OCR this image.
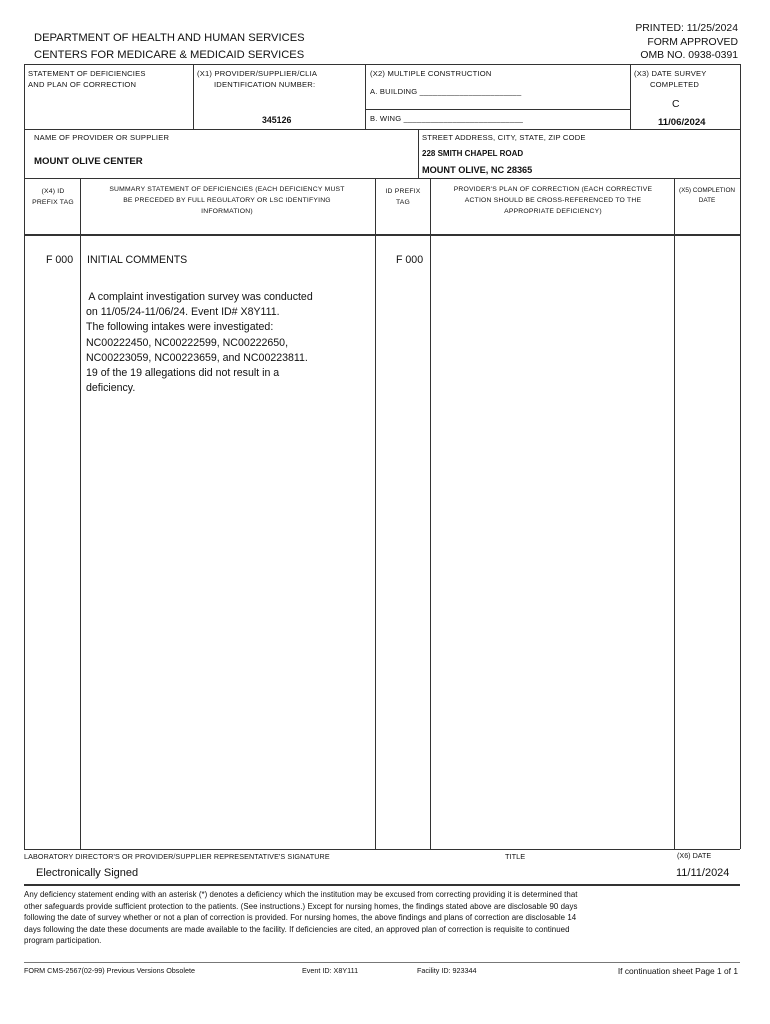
DEPARTMENT OF HEALTH AND HUMAN SERVICES
CENTERS FOR MEDICARE & MEDICAID SERVICES
PRINTED: 11/25/2024
FORM APPROVED
OMB NO. 0938-0391
STATEMENT OF DEFICIENCIES
AND PLAN OF CORRECTION
(X1) PROVIDER/SUPPLIER/CLIA
IDENTIFICATION NUMBER:
345126
(X2) MULTIPLE CONSTRUCTION
A. BUILDING _______________________
B. WING ___________________________
(X3) DATE SURVEY
COMPLETED
C
11/06/2024
NAME OF PROVIDER OR SUPPLIER
MOUNT OLIVE CENTER
STREET ADDRESS, CITY, STATE, ZIP CODE
228 SMITH CHAPEL ROAD
MOUNT OLIVE, NC 28365
(X4) ID PREFIX TAG
SUMMARY STATEMENT OF DEFICIENCIES (EACH DEFICIENCY MUST BE PRECEDED BY FULL REGULATORY OR LSC IDENTIFYING INFORMATION)
ID PREFIX TAG
PROVIDER'S PLAN OF CORRECTION (EACH CORRECTIVE ACTION SHOULD BE CROSS-REFERENCED TO THE APPROPRIATE DEFICIENCY)
(X5) COMPLETION DATE
F 000 INITIAL COMMENTS	F 000
A complaint investigation survey was conducted
on 11/05/24-11/06/24. Event ID# X8Y111.
The following intakes were investigated:
NC00222450, NC00222599, NC00222650,
NC00223059, NC00223659, and NC00223811.
19 of the 19 allegations did not result in a
deficiency.
LABORATORY DIRECTOR'S OR PROVIDER/SUPPLIER REPRESENTATIVE'S SIGNATURE
Electronically Signed
TITLE	(X6) DATE
11/11/2024
Any deficiency statement ending with an asterisk (*) denotes a deficiency which the institution may be excused from correcting providing it is determined that
other safeguards provide sufficient protection to the patients. (See instructions.) Except for nursing homes, the findings stated above are disclosable 90 days
following the date of survey whether or not a plan of correction is provided. For nursing homes, the above findings and plans of correction are disclosable 14
days following the date these documents are made available to the facility. If deficiencies are cited, an approved plan of correction is requisite to continued
program participation.
FORM CMS-2567(02-99) Previous Versions Obsolete	Event ID: X8Y111	Facility ID: 923344	If continuation sheet Page 1 of 1
